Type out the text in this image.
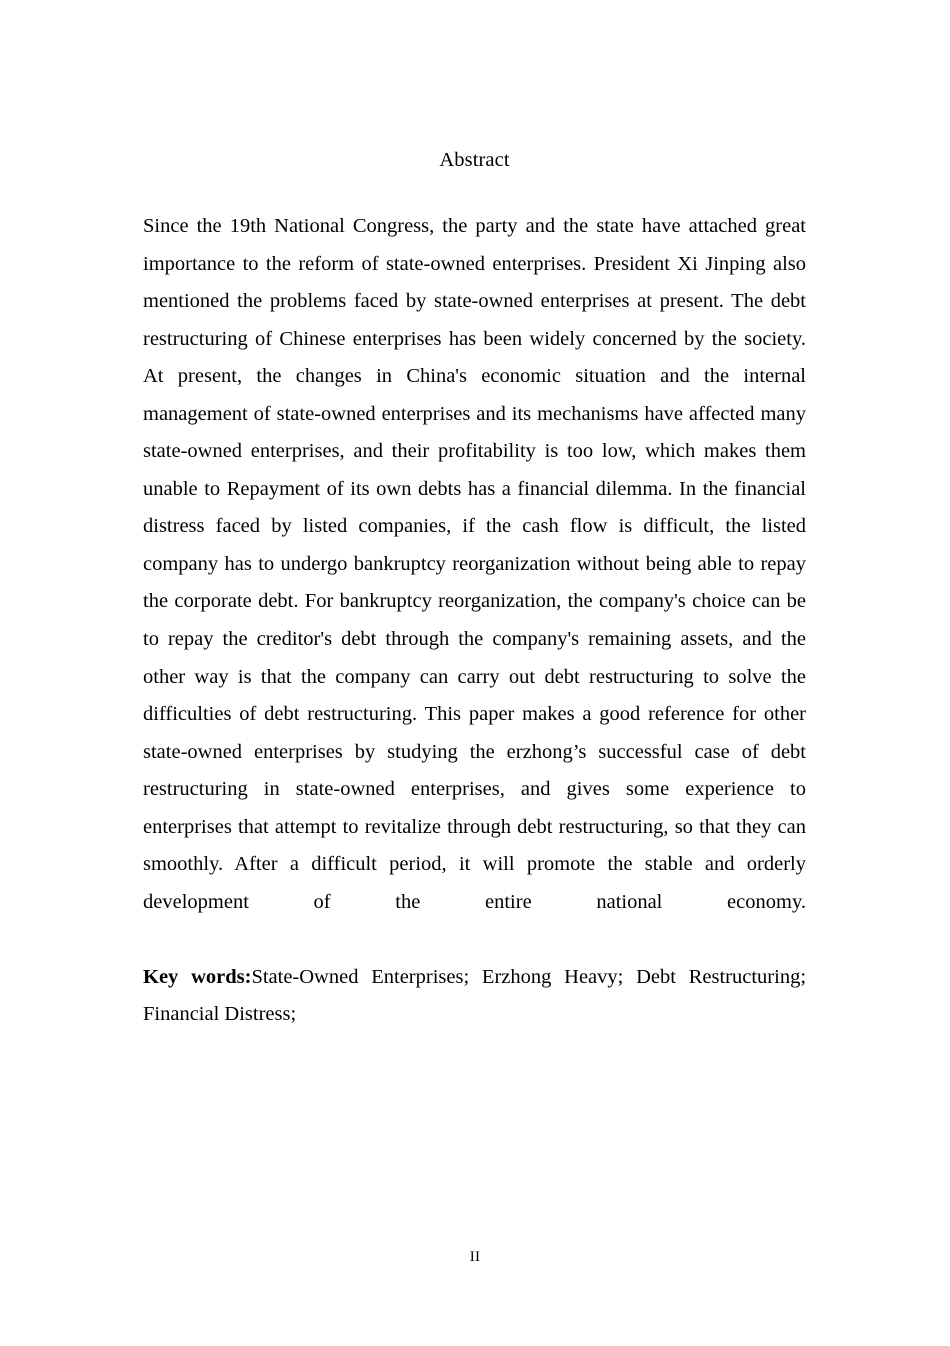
Abstract

Since the 19th National Congress, the party and the state have attached great importance to the reform of state-owned enterprises. President Xi Jinping also mentioned the problems faced by state-owned enterprises at present. The debt restructuring of Chinese enterprises has been widely concerned by the society. At present, the changes in China's economic situation and the internal management of state-owned enterprises and its mechanisms have affected many state-owned enterprises, and their profitability is too low, which makes them unable to Repayment of its own debts has a financial dilemma. In the financial distress faced by listed companies, if the cash flow is difficult, the listed company has to undergo bankruptcy reorganization without being able to repay the corporate debt. For bankruptcy reorganization, the company's choice can be to repay the creditor's debt through the company's remaining assets, and the other way is that the company can carry out debt restructuring to solve the difficulties of debt restructuring. This paper makes a good reference for other state-owned enterprises by studying the erzhong’s successful case of debt restructuring in state-owned enterprises, and gives some experience to enterprises that attempt to revitalize through debt restructuring, so that they can smoothly. After a difficult period, it will promote the stable and orderly development of the entire national economy.

Key words:State-Owned Enterprises; Erzhong Heavy; Debt Restructuring; Financial Distress;

II
